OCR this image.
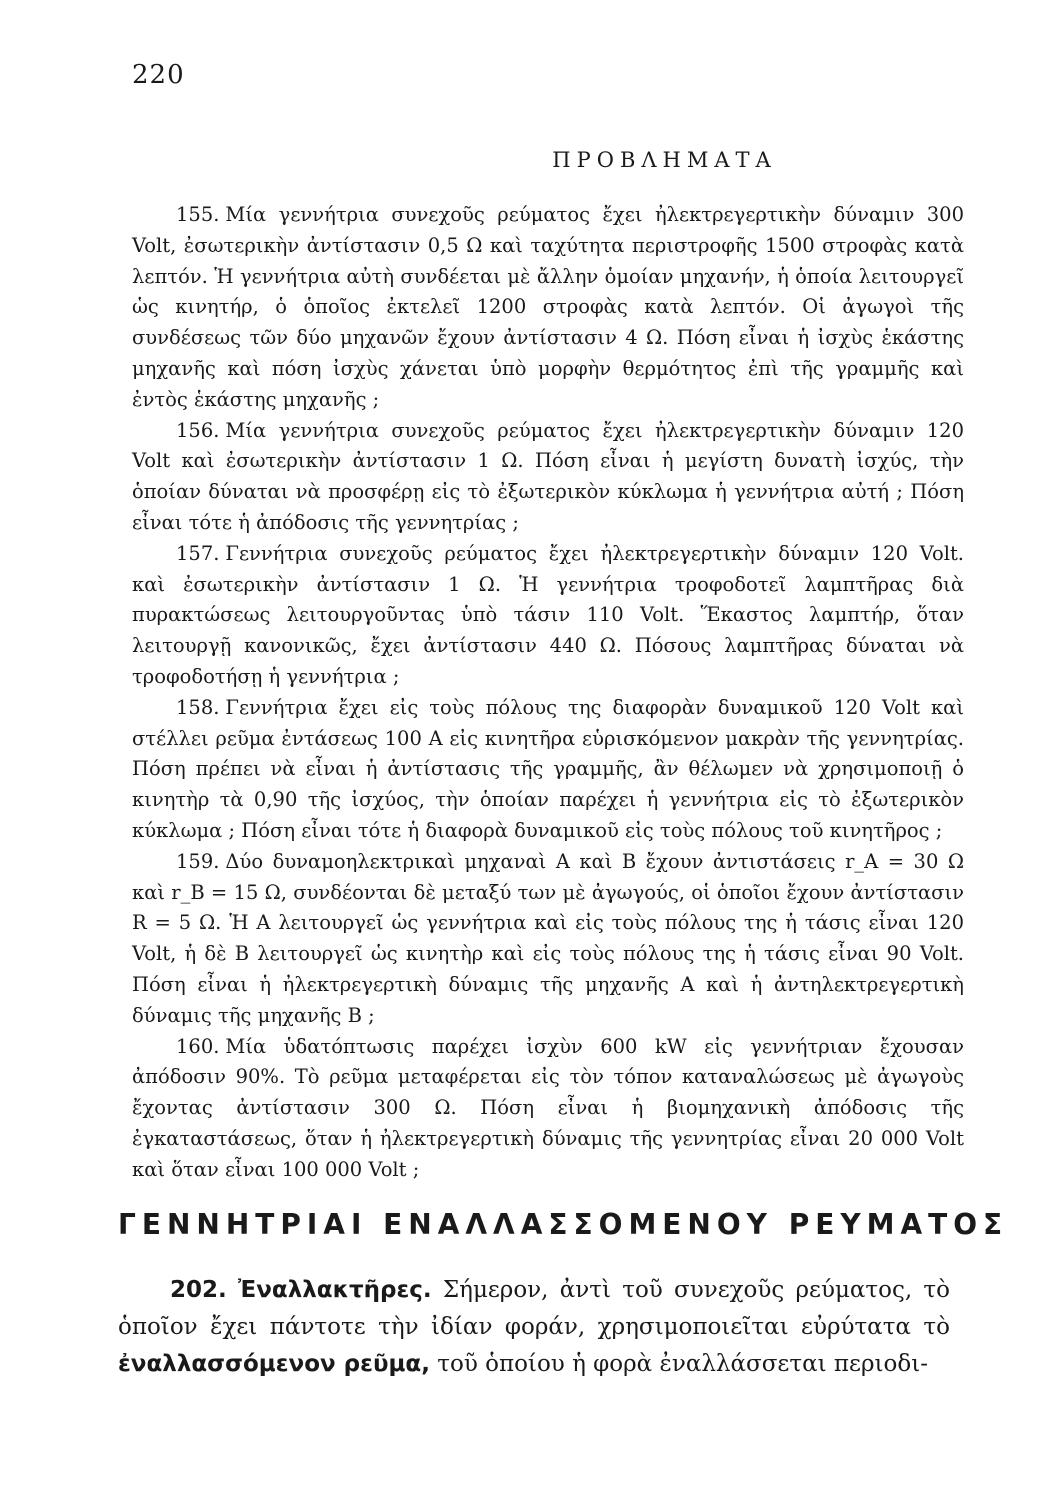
220
ΠΡΟΒΛΗΜΑΤΑ

155. Μία γεννήτρια συνεχοῦς ρεύματος ἔχει ἠλεκτρεγερτικὴν δύναμιν 300 Volt, ἐσωτερικὴν ἀντίστασιν 0,5 Ω καὶ ταχύτητα περιστροφῆς 1500 στροφὰς κατὰ λεπτόν. Ἡ γεννήτρια αὐτὴ συνδέεται μὲ ἄλλην ὁμοίαν μηχανήν, ἡ ὁποία λειτουργεῖ ὡς κινητήρ, ὁ ὁποῖος ἐκτελεῖ 1200 στροφὰς κατὰ λεπτόν. Οἱ ἀγωγοὶ τῆς συνδέσεως τῶν δύο μηχανῶν ἔχουν ἀντίστασιν 4 Ω. Πόση εἶναι ἡ ἰσχὺς ἑκάστης μηχανῆς καὶ πόση ἰσχὺς χάνεται ὑπὸ μορφὴν θερμότητος ἐπὶ τῆς γραμμῆς καὶ ἐντὸς ἑκάστης μηχανῆς ;

156. Μία γεννήτρια συνεχοῦς ρεύματος ἔχει ἠλεκτρεγερτικὴν δύναμιν 120 Volt καὶ ἐσωτερικὴν ἀντίστασιν 1 Ω. Πόση εἶναι ἡ μεγίστη δυνατὴ ἰσχύς, τὴν ὁποίαν δύναται νὰ προσφέρῃ εἰς τὸ ἐξωτερικὸν κύκλωμα ἡ γεννήτρια αὐτή ; Πόση εἶναι τότε ἡ ἀπόδοσις τῆς γεννητρίας ;

157. Γεννήτρια συνεχοῦς ρεύματος ἔχει ἠλεκτρεγερτικὴν δύναμιν 120 Volt. καὶ ἐσωτερικὴν ἀντίστασιν 1 Ω. Ἡ γεννήτρια τροφοδοτεῖ λαμπτῆρας διὰ πυρακτώσεως λειτουργοῦντας ὑπὸ τάσιν 110 Volt. Ἕκαστος λαμπτήρ, ὅταν λειτουργῇ κανονικῶς, ἔχει ἀντίστασιν 440 Ω. Πόσους λαμπτῆρας δύναται νὰ τροφοδοτήσῃ ἡ γεννήτρια ;

158. Γεννήτρια ἔχει εἰς τοὺς πόλους της διαφορὰν δυναμικοῦ 120 Volt καὶ στέλλει ρεῦμα ἐντάσεως 100 A εἰς κινητῆρα εὑρισκόμενον μακρὰν τῆς γεννητρίας. Πόση πρέπει νὰ εἶναι ἡ ἀντίστασις τῆς γραμμῆς, ἂν θέλωμεν νὰ χρησιμοποιῇ ὁ κινητὴρ τὰ 0,90 τῆς ἰσχύος, τὴν ὁποίαν παρέχει ἡ γεννήτρια εἰς τὸ ἐξωτερικὸν κύκλωμα ; Πόση εἶναι τότε ἡ διαφορὰ δυναμικοῦ εἰς τοὺς πόλους τοῦ κινητῆρος ;

159. Δύο δυναμοηλεκτρικαὶ μηχαναὶ A καὶ B ἔχουν ἀντιστάσεις r_A = 30 Ω καὶ r_B = 15 Ω, συνδέονται δὲ μεταξύ των μὲ ἀγωγούς, οἱ ὁποῖοι ἔχουν ἀντίστασιν R = 5 Ω. Ἡ A λειτουργεῖ ὡς γεννήτρια καὶ εἰς τοὺς πόλους της ἡ τάσις εἶναι 120 Volt, ἡ δὲ B λειτουργεῖ ὡς κινητὴρ καὶ εἰς τοὺς πόλους της ἡ τάσις εἶναι 90 Volt. Πόση εἶναι ἡ ἠλεκτρεγερτικὴ δύναμις τῆς μηχανῆς A καὶ ἡ ἀντηλεκτρεγερτικὴ δύναμις τῆς μηχανῆς B ;

160. Μία ὑδατόπτωσις παρέχει ἰσχὺν 600 kW εἰς γεννήτριαν ἔχουσαν ἀπόδοσιν 90%. Τὸ ρεῦμα μεταφέρεται εἰς τὸν τόπον καταναλώσεως μὲ ἀγωγοὺς ἔχοντας ἀντίστασιν 300 Ω. Πόση εἶναι ἡ βιομηχανικὴ ἀπόδοσις τῆς ἐγκαταστάσεως, ὅταν ἡ ἠλεκτρεγερτικὴ δύναμις τῆς γεννητρίας εἶναι 20 000 Volt καὶ ὅταν εἶναι 100 000 Volt ;

ΓΕΝΝΗΤΡΙΑΙ ΕΝΑΛΛΑΣΣΟΜΕΝΟΥ ΡΕΥΜΑΤΟΣ

202. Ἐναλλακτῆρες. Σήμερον, ἀντὶ τοῦ συνεχοῦς ρεύματος, τὸ ὁποῖον ἔχει πάντοτε τὴν ἰδίαν φοράν, χρησιμοποιεῖται εὐρύτατα τὸ ἐναλλασσόμενον ρεῦμα, τοῦ ὁποίου ἡ φορὰ ἐναλλάσσεται περιοδι-
